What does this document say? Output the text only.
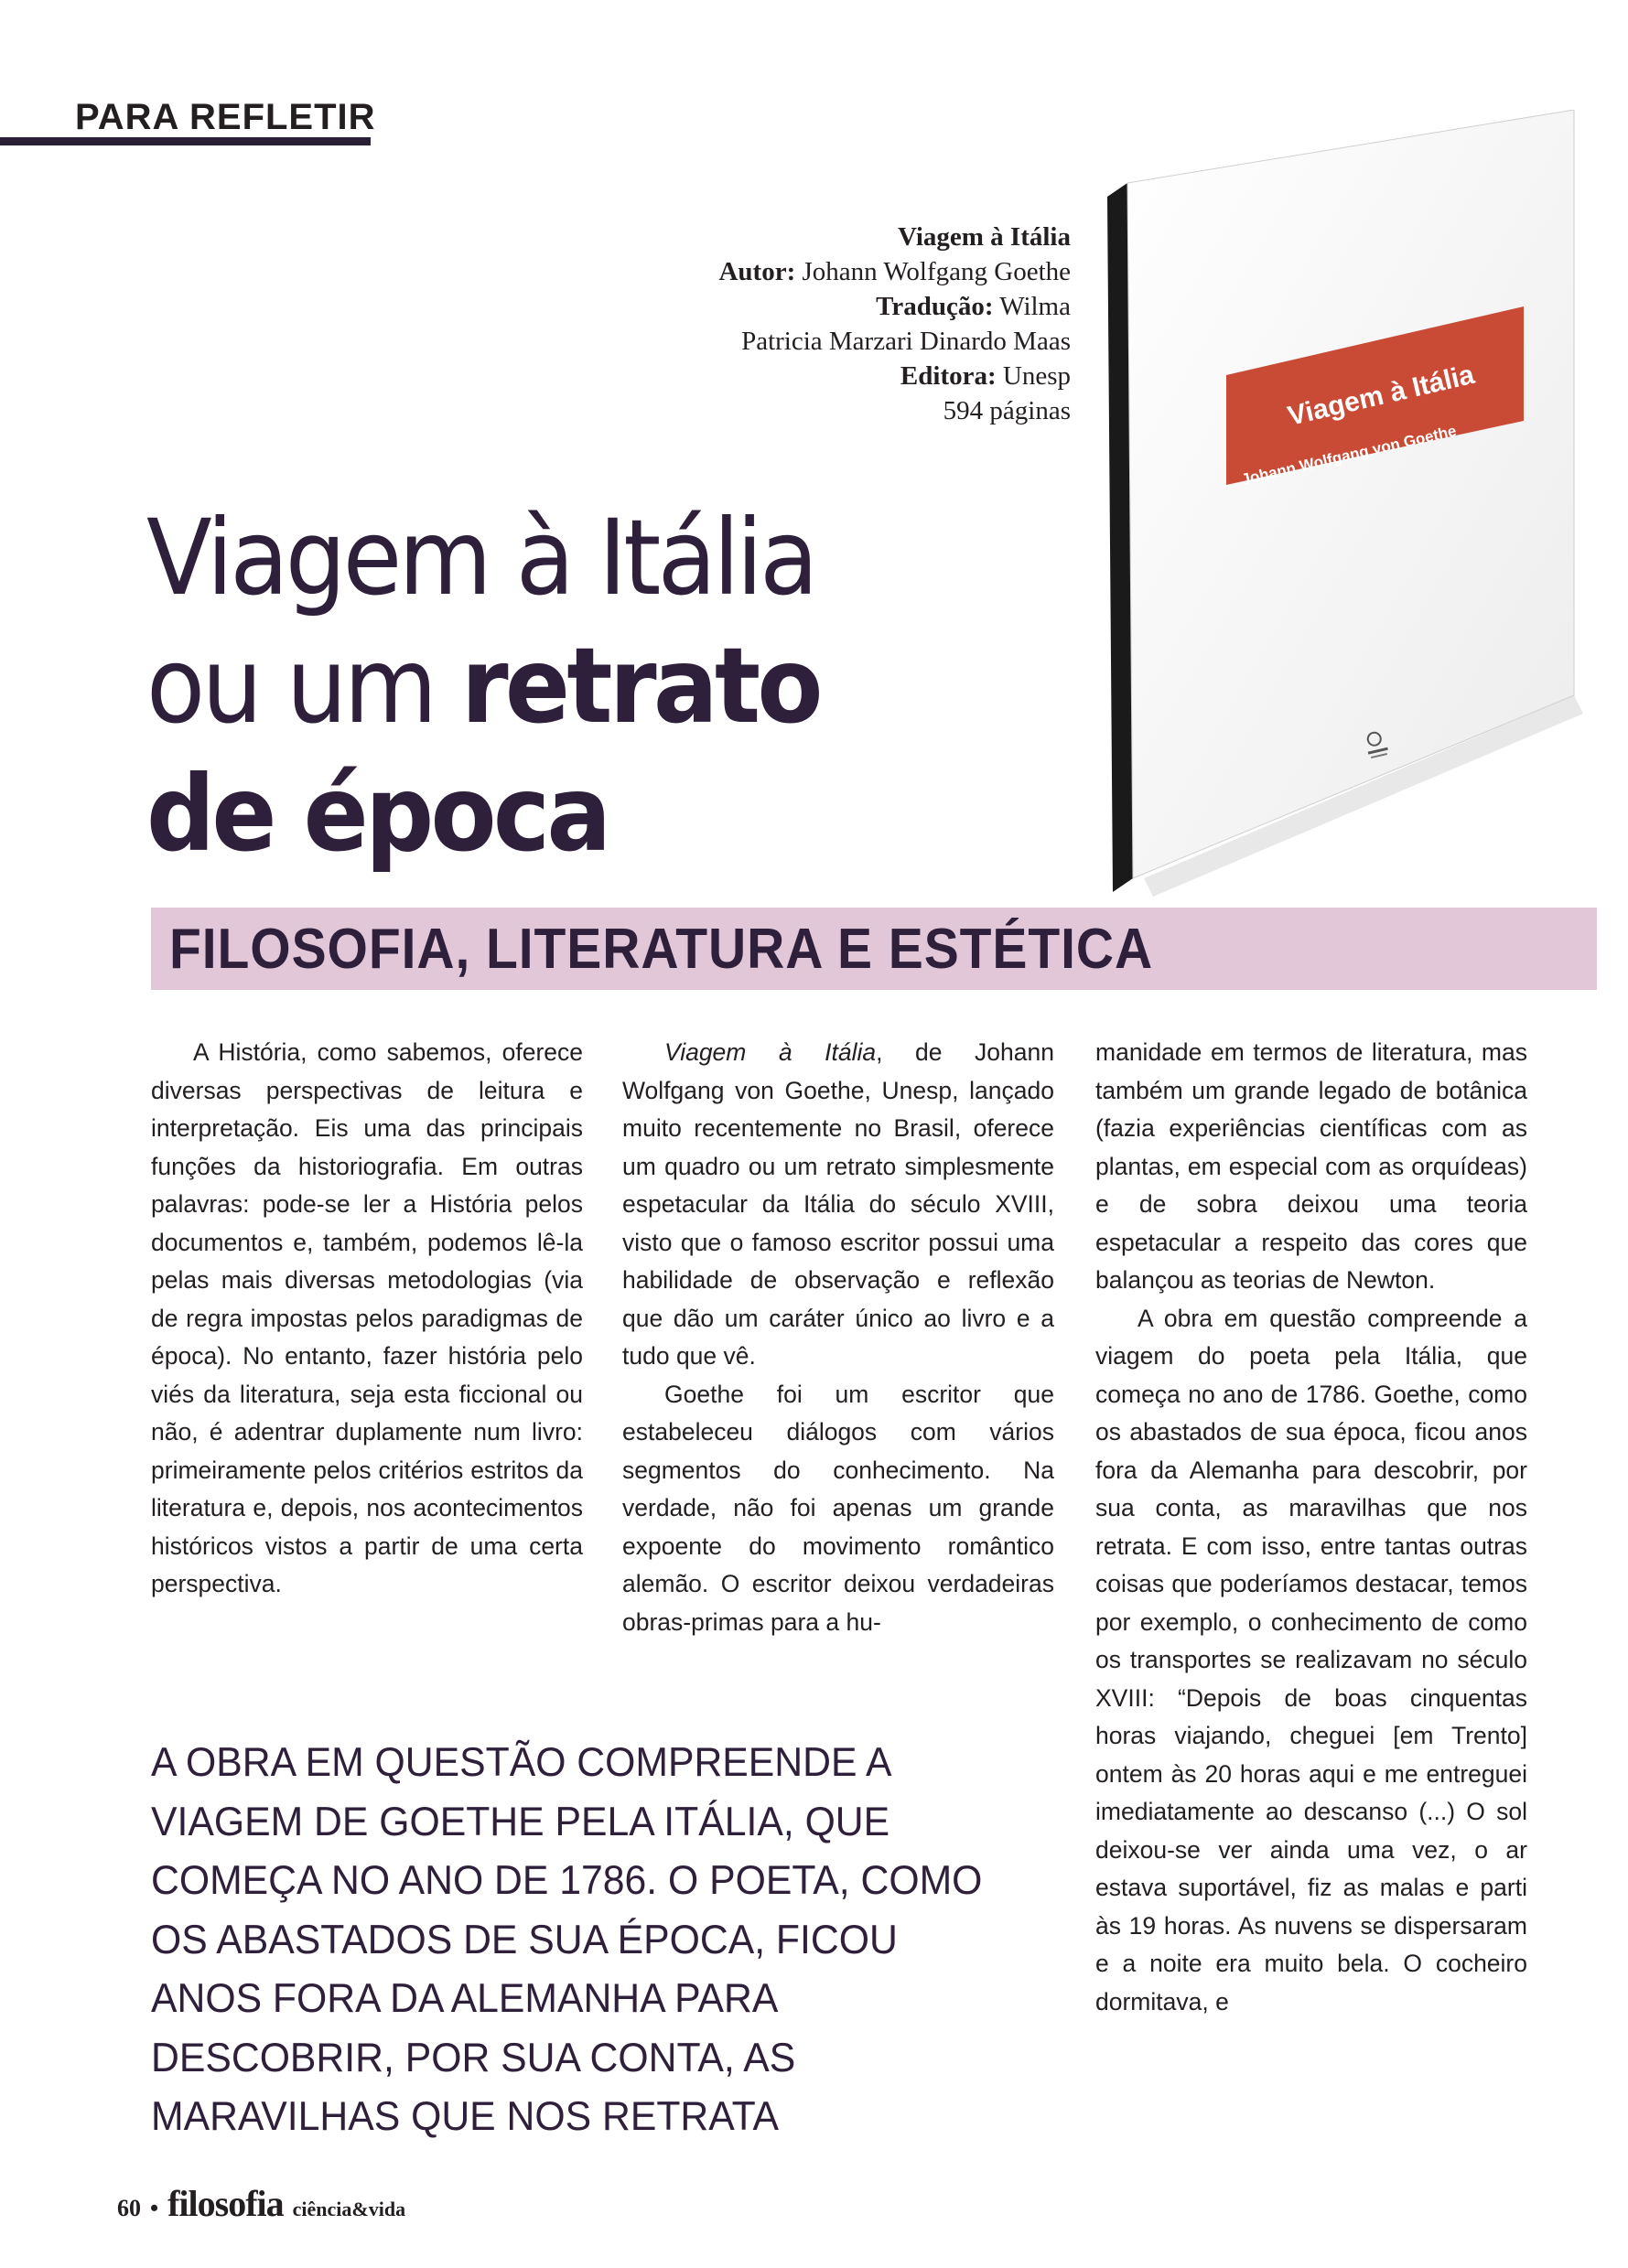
PARA REFLETIR
Viagem à Itália
Autor: Johann Wolfgang Goethe
Tradução: Wilma
Patricia Marzari Dinardo Maas
Editora: Unesp
594 páginas	Viagem à Itália
Johann Wolfgang von Goethe
Viagem à Itália
ou um retrato
de época
FILOSOFIA, LITERATURA E ESTÉTICA

A História, como sabemos, oferece diversas perspectivas de leitura e interpretação. Eis uma das principais funções da historiografia. Em outras palavras: pode-se ler a História pelos documentos e, também, podemos lê-la pelas mais diversas metodologias (via de regra impostas pelos paradigmas de época). No entanto, fazer história pelo viés da literatura, seja esta ficcional ou não, é adentrar duplamente num livro: primeiramente pelos critérios estritos da literatura e, depois, nos acontecimentos históricos vistos a partir de uma certa perspectiva.

Viagem à Itália, de Johann Wolfgang von Goethe, Unesp, lançado muito recentemente no Brasil, oferece um quadro ou um retrato simplesmente espetacular da Itália do século XVIII, visto que o famoso escritor possui uma habilidade de observação e reflexão que dão um caráter único ao livro e a tudo que vê.

Goethe foi um escritor que estabeleceu diálogos com vários segmentos do conhecimento. Na verdade, não foi apenas um grande expoente do movimento romântico alemão. O escritor deixou verdadeiras obras-primas para a hu-

manidade em termos de literatura, mas também um grande legado de botânica (fazia experiências científicas com as plantas, em especial com as orquídeas) e de sobra deixou uma teoria espetacular a respeito das cores que balançou as teorias de Newton.

A obra em questão compreende a viagem do poeta pela Itália, que começa no ano de 1786. Goethe, como os abastados de sua época, ficou anos fora da Alemanha para descobrir, por sua conta, as maravilhas que nos retrata. E com isso, entre tantas outras coisas que poderíamos destacar, temos por exemplo, o conhecimento de como os transportes se realizavam no século XVIII: “Depois de boas cinquentas horas viajando, cheguei [em Trento] ontem às 20 horas aqui e me entreguei imediatamente ao descanso (...) O sol deixou-se ver ainda uma vez, o ar estava suportável, fiz as malas e parti às 19 horas. As nuvens se dispersaram e a noite era muito bela. O cocheiro dormitava, e

A OBRA EM QUESTÃO COMPREENDE A VIAGEM DE GOETHE PELA ITÁLIA, QUE COMEÇA NO ANO DE 1786. O POETA, COMO OS ABASTADOS DE SUA ÉPOCA, FICOU ANOS FORA DA ALEMANHA PARA DESCOBRIR, POR SUA CONTA, AS MARAVILHAS QUE NOS RETRATA

60 • filosofia ciência&vida
